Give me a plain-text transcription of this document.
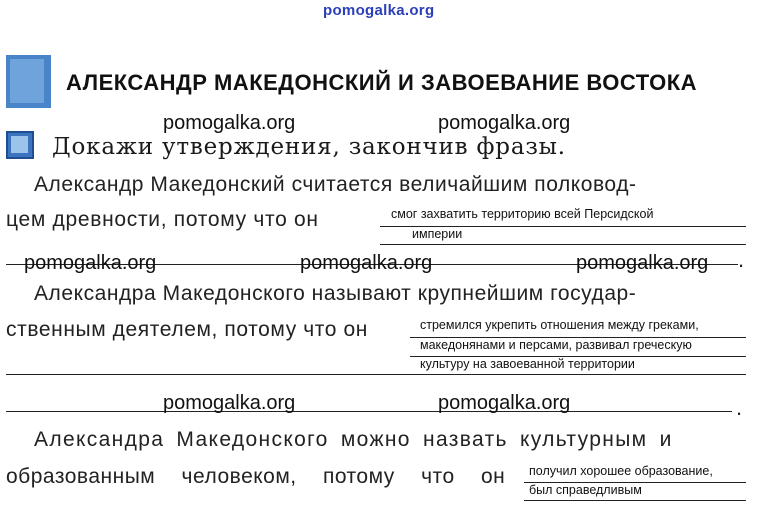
pomogalka.org
АЛЕКСАНДР МАКЕДОНСКИЙ И ЗАВОЕВАНИЕ ВОСТОКА
pomogalka.org	pomogalka.org
Докажи утверждения, закончив фразы.
Александр Македонский считается величайшим полковод-
цем древности, потому что он	смог захватить территорию всей Персидской
империи
.
pomogalka.org	pomogalka.org	pomogalka.org
Александра Македонского называют крупнейшим государ-
ственным деятелем, потому что он	стремился укрепить отношения между греками,
македонянами и персами, развивал греческую
культуру на завоеванной территории
.
pomogalka.org	pomogalka.org
Александра Македонского можно назвать культурным и
образованным человеком, потому что он получил хорошее образование,
был справедливым
